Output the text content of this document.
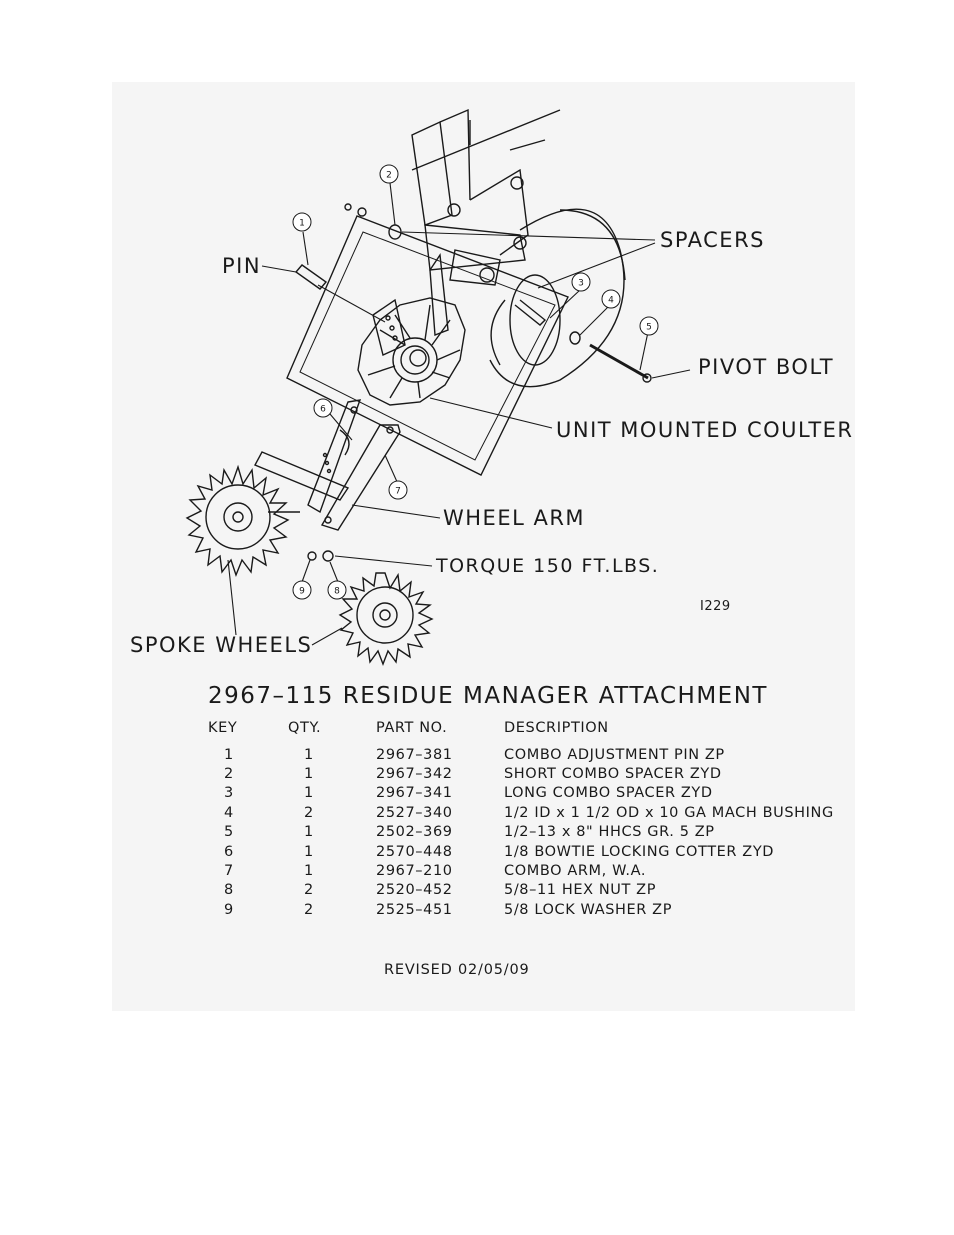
1
2
3
4
5
6
7
8
9
SPACERS
PIN
PIVOT BOLT
UNIT MOUNTED COULTER
WHEEL ARM
TORQUE 150 FT.LBS.
SPOKE WHEELS
I229
2967–115 RESIDUE MANAGER ATTACHMENT
KEY	QTY.	PART NO.	DESCRIPTION
1	1	2967–381	COMBO ADJUSTMENT PIN ZP
2	1	2967–342	SHORT COMBO SPACER ZYD
3	1	2967–341	LONG COMBO SPACER ZYD
4	2	2527–340	1/2 ID x 1 1/2 OD x 10 GA MACH BUSHING
5	1	2502–369	1/2–13 x 8" HHCS GR. 5 ZP
6	1	2570–448	1/8 BOWTIE LOCKING COTTER ZYD
7	1	2967–210	COMBO ARM, W.A.
8	2	2520–452	5/8–11 HEX NUT ZP
9	2	2525–451	5/8 LOCK WASHER ZP
REVISED 02/05/09
